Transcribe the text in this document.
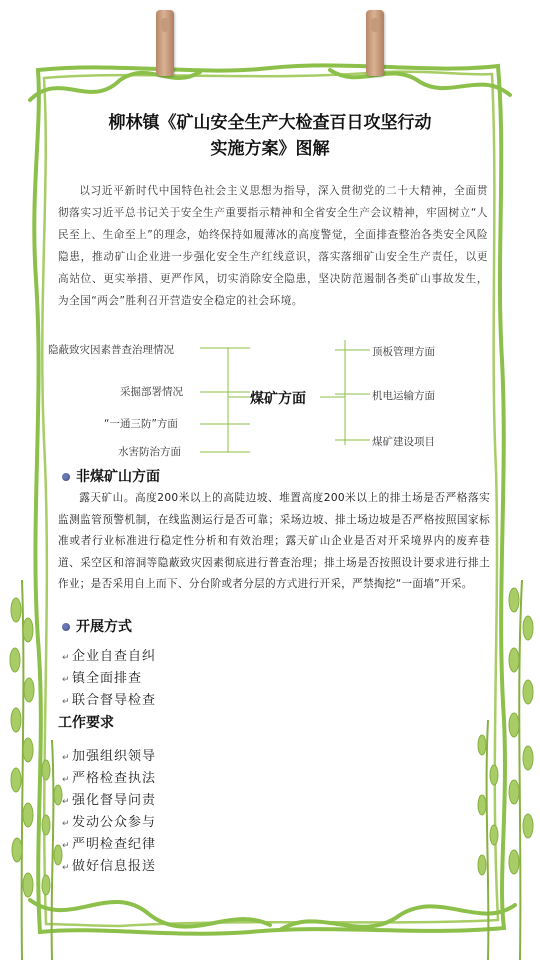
柳林镇《矿山安全生产大检查百日攻坚行动
实施方案》图解
以习近平新时代中国特色社会主义思想为指导，深入贯彻党的二十大精神，全面贯彻落实习近平总书记关于安全生产重要指示精神和全省安全生产会议精神，牢固树立“人民至上、生命至上”的理念，始终保持如履薄冰的高度警觉，全面排查整治各类安全风险隐患，推动矿山企业进一步强化安全生产红线意识，落实落细矿山安全生产责任，以更高站位、更实举措、更严作风，切实消除安全隐患，坚决防范遏制各类矿山事故发生，为全国“两会”胜利召开营造安全稳定的社会环境。
隐蔽致灾因素普查治理情况
采掘部署情况
“一通三防”方面
水害防治方面
煤矿方面
顶板管理方面
机电运输方面
煤矿建设项目
非煤矿山方面
露天矿山。高度200米以上的高陡边坡、堆置高度200米以上的排土场是否严格落实监测监管预警机制，在线监测运行是否可靠；采场边坡、排土场边坡是否严格按照国家标准或者行业标准进行稳定性分析和有效治理；露天矿山企业是否对开采境界内的废弃巷道、采空区和溶洞等隐蔽致灾因素彻底进行普查治理；排土场是否按照设计要求进行排土作业；是否采用自上而下、分台阶或者分层的方式进行开采，严禁掏挖“一面墙”开采。
开展方式
↵企业自查自纠
↵镇全面排查
↵联合督导检查
工作要求
↵加强组织领导
↵严格检查执法
↵强化督导问责
↵发动公众参与
↵严明检查纪律
↵做好信息报送
